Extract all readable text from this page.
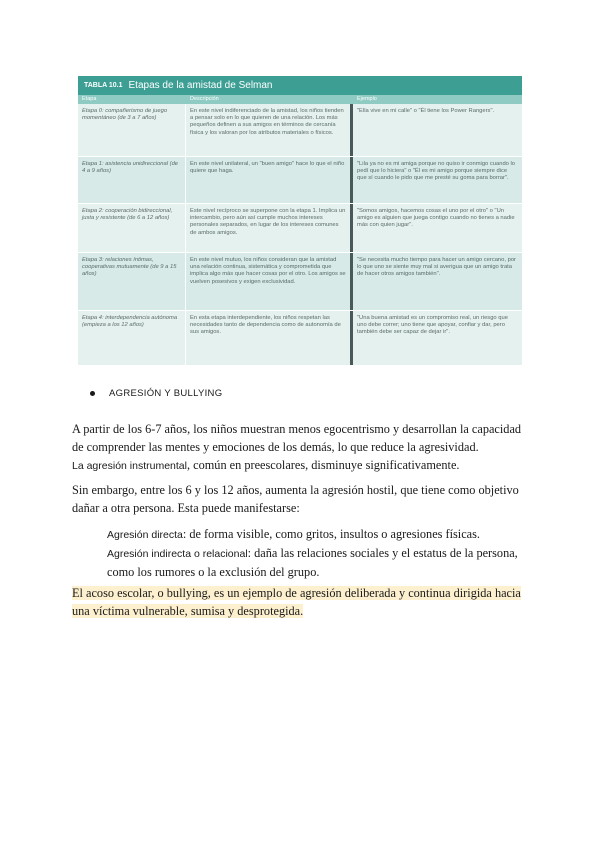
TABLA 10.1 Etapas de la amistad de Selman
Etapa	Descripción	Ejemplo
Etapa 0: compañerismo de juego momentáneo (de 3 a 7 años)
En este nivel indiferenciado de la amistad, los niños tienden a pensar solo en lo que quieren de una relación. Los más pequeños definen a sus amigos en términos de cercanía física y los valoran por los atributos materiales o físicos.
"Ella vive en mi calle" o "Él tiene los Power Rangers".
Etapa 1: asistencia unidireccional (de 4 a 9 años)
En este nivel unilateral, un "buen amigo" hace lo que el niño quiere que haga.
"Lila ya no es mi amiga porque no quiso ir conmigo cuando lo pedí que lo hiciera" o "Él es mi amigo porque siempre dice que sí cuando le pido que me presté su goma para borrar".
Etapa 2: cooperación bidireccional, justa y resistente (de 6 a 12 años)
Este nivel recíproco se superpone con la etapa 1. Implica un intercambio, pero aún así cumple muchos intereses personales separados, en lugar de los intereses comunes de ambos amigos.
"Somos amigos, hacemos cosas el uno por el otro" o "Un amigo es alguien que juega contigo cuando no tienes a nadie más con quien jugar".
Etapa 3: relaciones íntimas, cooperativas mutuamente (de 9 a 15 años)
En este nivel mutuo, los niños consideran que la amistad una relación continua, sistemática y comprometida que implica algo más que hacer cosas por el otro. Los amigos se vuelven posesivos y exigen exclusividad.
"Se necesita mucho tiempo para hacer un amigo cercano, por lo que uno se siente muy mal si averigua que un amigo trata de hacer otros amigos también".
Etapa 4: interdependencia autónoma (empieza a los 12 años)
En esta etapa interdependiente, los niños respetan las necesidades tanto de dependencia como de autonomía de sus amigos.
"Una buena amistad es un compromiso real, un riesgo que uno debe correr; uno tiene que apoyar, confiar y dar, pero también debe ser capaz de dejar ir".
AGRESIÓN Y BULLYING
A partir de los 6-7 años, los niños muestran menos egocentrismo y desarrollan la capacidad de comprender las mentes y emociones de los demás, lo que reduce la agresividad.
La agresión instrumental, común en preescolares, disminuye significativamente.
Sin embargo, entre los 6 y los 12 años, aumenta la agresión hostil, que tiene como objetivo dañar a otra persona. Esta puede manifestarse:
Agresión directa: de forma visible, como gritos, insultos o agresiones físicas.
Agresión indirecta o relacional: daña las relaciones sociales y el estatus de la persona, como los rumores o la exclusión del grupo.
El acoso escolar, o bullying, es un ejemplo de agresión deliberada y continua dirigida hacia una víctima vulnerable, sumisa y desprotegida.
